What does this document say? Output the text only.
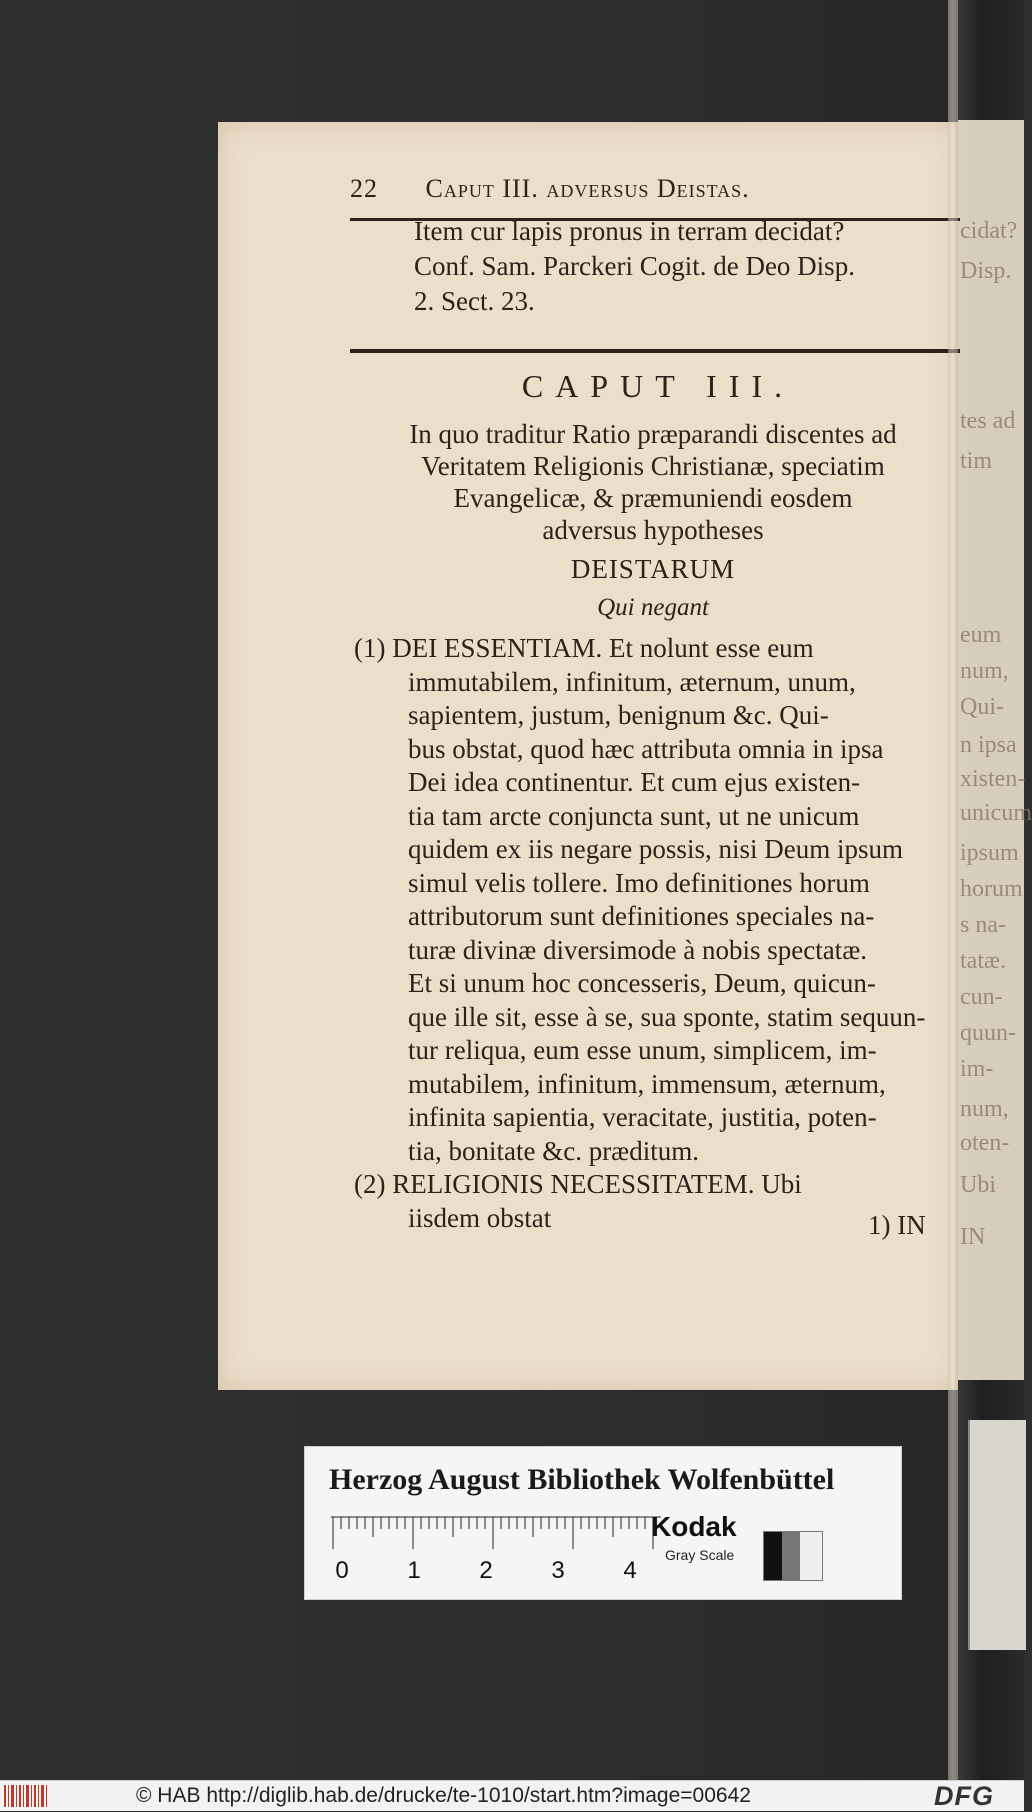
cidat?
Disp.
tes ad
tim
eum
num,
Qui-
n ipsa
xisten-
unicum
ipsum
horum
s na-
tatæ.
cun-
quun-
im-
num,
oten-
Ubi
IN
22 Caput III. adversus Deistas.
Item cur lapis pronus in terram decidat?
Conf. Sam. Parckeri Cogit. de Deo Disp.
2. Sect. 23.
CAPUT III.
In quo traditur Ratio præparandi discentes ad
Veritatem Religionis Christianæ, speciatim
Evangelicæ, & præmuniendi eosdem
adversus hypotheses
DEISTARUM
Qui negant
(1) DEI ESSENTIAM. Et nolunt esse eum
immutabilem, infinitum, æternum, unum,
sapientem, justum, benignum &c. Qui-
bus obstat, quod hæc attributa omnia in ipsa
Dei idea continentur. Et cum ejus existen-
tia tam arcte conjuncta sunt, ut ne unicum
quidem ex iis negare possis, nisi Deum ipsum
simul velis tollere. Imo definitiones horum
attributorum sunt definitiones speciales na-
turæ divinæ diversimode à nobis spectatæ.
Et si unum hoc concesseris, Deum, quicun-
que ille sit, esse à se, sua sponte, statim sequun-
tur reliqua, eum esse unum, simplicem, im-
mutabilem, infinitum, immensum, æternum,
infinita sapientia, veracitate, justitia, poten-
tia, bonitate &c. præditum.
(2) RELIGIONIS NECESSITATEM. Ubi
iisdem obstat	1) IN
Herzog August Bibliothek Wolfenbüttel
0	1	2	3	4
Kodak
Gray Scale
© HAB http://diglib.hab.de/drucke/te-1010/start.htm?image=00642	DFG
